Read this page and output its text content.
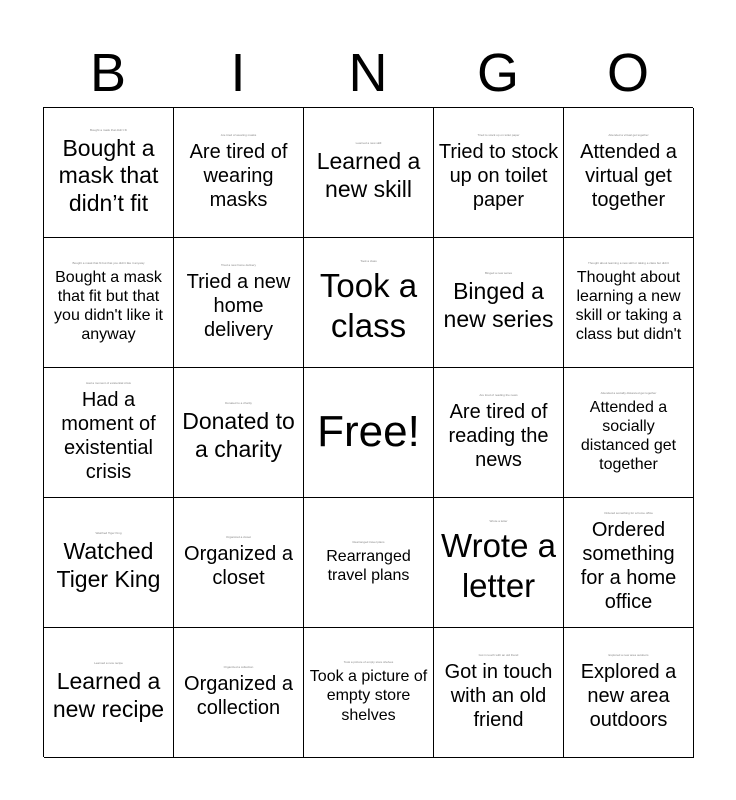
B	I	N	G	O
Bought a mask that didn’t fit
Bought a mask that didn’t fit
Are tired of wearing masks
Are tired of wearing masks
Learned a new skill
Learned a new skill
Tried to stock up on toilet paper
Tried to stock up on toilet paper
Attended a virtual get together
Attended a virtual get together
Bought a mask that fit but that you didn't like it anyway
Bought a mask that fit but that you didn't like it anyway
Tried a new home delivery
Tried a new home delivery
Took a class
Took a class
Binged a new series
Binged a new series
Thought about learning a new skill or taking a class but didn't
Thought about learning a new skill or taking a class but didn't
Had a moment of existential crisis
Had a moment of existential crisis
Donated to a charity
Donated to a charity Free!
Are tired of reading the news
Are tired of reading the news
Attended a socially distanced get together
Attended a socially distanced get together
Watched Tiger King
Watched Tiger King
Organized a closet
Organized a closet
Rearranged travel plans
Rearranged travel plans
Wrote a letter
Wrote a letter
Ordered something for a home office
Ordered something for a home office
Learned a new recipe
Learned a new recipe
Organized a collection
Organized a collection
Took a picture of empty store shelves
Took a picture of empty store shelves
Got in touch with an old friend
Got in touch with an old friend
Explored a new area outdoors
Explored a new area outdoors
